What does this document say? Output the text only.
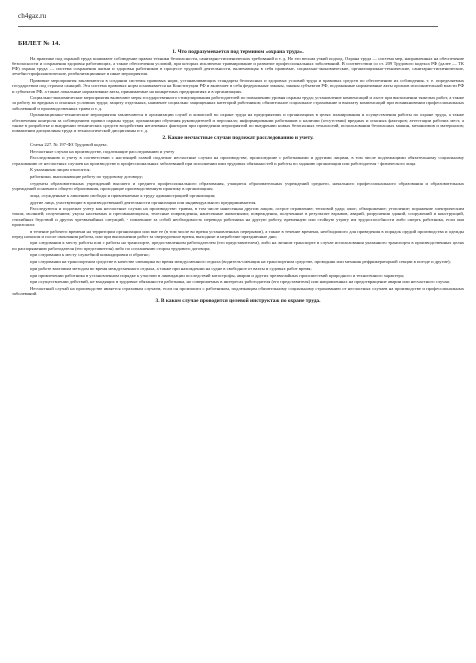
ch4gaz.ru
БИЛЕТ № 14.
1. Что подразумевается под термином «охрана труда».

На практике под охраной труда понимают соблюдение правил техники безопасности, санитарно-гигиенических требований и т. д. Но это весьма узкий подход. Охрана труда — система мер, направленных на обеспечение безопасности и сохранения здоровья работающих, а также обеспечения условий, при которых исключено травмирование и развитие профессиональных заболеваний. В соответствии со ст. 209 Трудового кодекса РФ (далее — ТК РФ) охрана труда — система сохранения жизни и здоровья работников в процессе трудовой деятельности, включающая в себя правовые, социально-экономические, организационно-технические, санитарно-гигиенические, лечебно-профилактические, реабилитационные и иные мероприятия.

Правовые мероприятия заключаются в создании системы правовых норм, устанавливающих стандарты безопасных и здоровых условий труда и правовых средств по обеспечению их соблюдения, т. е. определяемых государством под страхом санкций. Эта система правовых норм основывается на Конституции РФ и включает в себя федеральные законы, законы субъектов РФ, подзаконные нормативные акты органов исполнительной власти РФ и субъектов РФ, а также локальные нормативные акты, принимаемые на конкретных предприятиях и в организациях.

Социально-экономические мероприятия включают меры государственного стимулирования работодателей по повышению уровня охраны труда; установление компенсаций и льгот при выполнении тяжелых работ, а также за работу во вредных и опасных условиях труда; защиту отдельных, наименее социально защищенных категорий работников; обязательное социальное страхование и выплату компенсаций при возникновении профессиональных заболеваний и производственных травм и т. д.

Организационно-технические мероприятия заключаются в организации служб и комиссий по охране труда на предприятиях и организациях в целях планирования и осуществления работы по охране труда, а также обеспечения контроля за соблюдением правил охраны труда; организации обучения руководителей и персонала; информировании работников о наличии (отсутствии) вредных и опасных факторов; аттестации рабочих мест, а также в разработке и внедрении технических средств воздействия негативных факторов при проведении мероприятий по внедрению новых безопасных технологий, использовании безопасных машин, механизмов и материалов; повышении дисциплины труда и технологической дисциплины и т. д.

2. Какие несчастные случаи подлежат расследованию и учету.

Статья 227. № 197-ФЗ Трудовой кодекс.

Несчастные случаи на производстве, подлежащие расследованию и учету

Расследованию и учету в соответствии с настоящей главой подлежат несчастные случаи на производстве, происшедшие с работниками и другими лицами, в том числе подлежащими обязательному социальному страхованию от несчастных случаев на производстве и профессиональных заболеваний при исполнении ими трудовых обязанностей и работы по заданию организации или работодателя - физического лица.

К указанным лицам относятся:

работники, выполняющие работу по трудовому договору;

студенты образовательных учреждений высшего и среднего профессионального образования, учащиеся образовательных учреждений среднего, начального профессионального образования и образовательных учреждений основного общего образования, проходящие производственную практику в организациях;

лица, осужденные к лишению свободы и привлекаемые к труду администрацией организации;

другие лица, участвующие в производственной деятельности организации или индивидуального предпринимателя.

Расследуются и подлежат учету как несчастные случаи на производстве: травма, в том числе нанесенная другим лицом, острое отравление; тепловой удар; ожог; обморожение; утопление; поражение электрическим током, молнией; излучением; укусы насекомых и пресмыкающихся, телесные повреждения, нанесенные животными; повреждения, полученные в результате взрывов, аварий, разрушения зданий, сооружений и конструкций, стихийных бедствий и других чрезвычайных ситуаций, - повлекшие за собой необходимость перевода работника на другую работу, временную или стойкую утрату им трудоспособности либо смерть работника, если они произошли:

в течение рабочего времени на территории организации или вне ее (в том числе во время установленных перерывов), а также в течение времени, необходимого для приведения в порядок орудий производства и одежды перед началом и после окончания работы, или при выполнении работ за сверхурочное время, выходные и нерабочие праздничные дни;

при следовании к месту работы или с работы на транспорте, предоставленном работодателем (его представителем), либо на личном транспорте в случае использования указанного транспорта в производственных целях по распоряжению работодателя (его представителя) либо по соглашению сторон трудового договора;

при следовании к месту служебной командировки и обратно;

при следовании на транспортном средстве в качестве сменщика во время междусменного отдыха (водитель-сменщик на транспортном средстве, проводник или механик рефрижераторной секции в поезде и другие);

при работе вахтовым методом во время междусменного отдыха, а также при нахождении на судне в свободное от вахты и судовых работ время;

при привлечении работника в установленном порядке к участию в ликвидации последствий катастрофы, аварии и других чрезвычайных происшествий природного и техногенного характера;

при осуществлении действий, не входящих в трудовые обязанности работника, но совершаемых в интересах работодателя (его представителя) или направленных на предотвращение аварии или несчастного случая.

Несчастный случай на производстве является страховым случаем, если он произошел с работником, подлежащим обязательному социальному страхованию от несчастных случаев на производстве и профессиональных заболеваний.

3. В каком случае проводится целевой инструктаж по охране труда.
